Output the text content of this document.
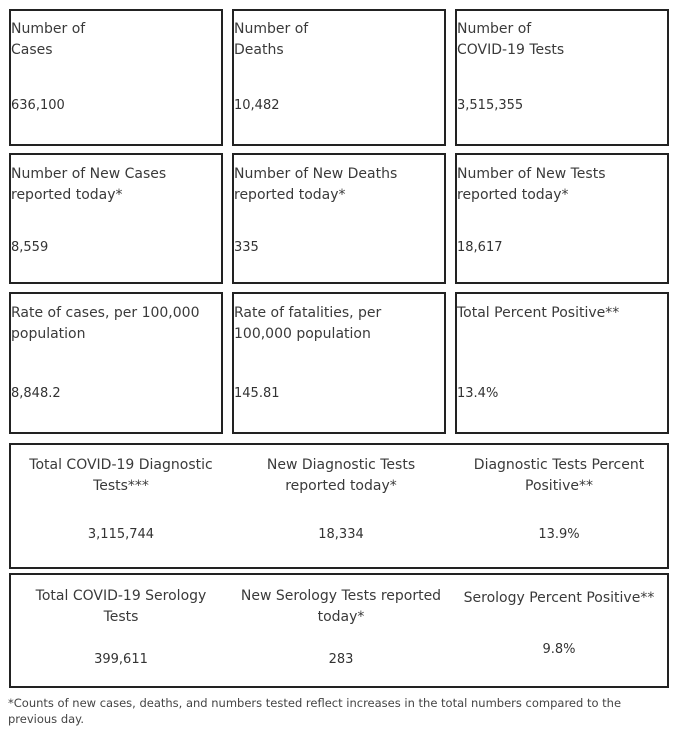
Number of
Cases
636,100
Number of
Deaths
10,482
Number of
COVID-19 Tests
3,515,355
Number of New Cases
reported today*
8,559
Number of New Deaths
reported today*
335
Number of New Tests
reported today*
18,617
Rate of cases, per 100,000
population
8,848.2
Rate of fatalities, per
100,000 population
145.81
Total Percent Positive**
13.4%
Total COVID-19 Diagnostic
Tests***
3,115,744
New Diagnostic Tests
reported today*
18,334
Diagnostic Tests Percent
Positive**
13.9%
Total COVID-19 Serology
Tests
399,611
New Serology Tests reported
today*
283
Serology Percent Positive**
9.8%
*Counts of new cases, deaths, and numbers tested reflect increases in the total numbers compared to the previous day.
